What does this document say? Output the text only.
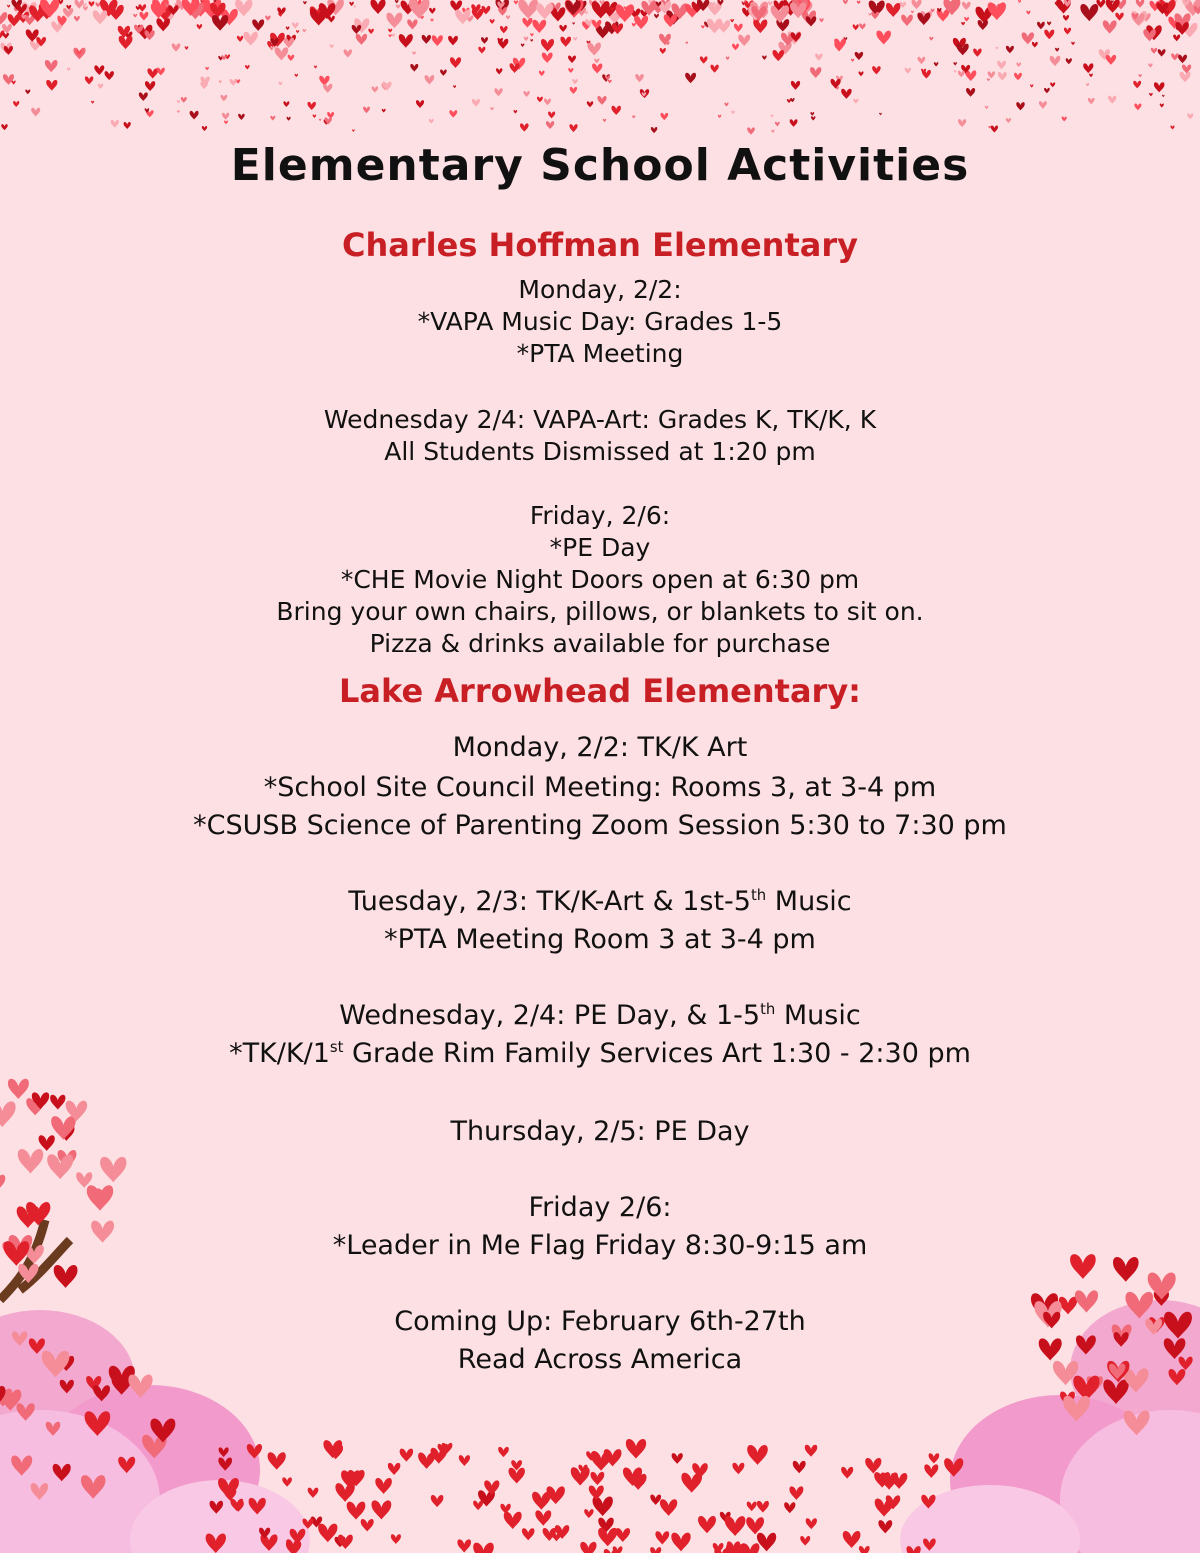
Elementary School Activities
Charles Hoffman Elementary

Monday, 2/2:

*VAPA Music Day: Grades 1-5

*PTA Meeting

Wednesday 2/4: VAPA-Art: Grades K, TK/K, K

All Students Dismissed at 1:20 pm

Friday, 2/6:

*PE Day

*CHE Movie Night Doors open at 6:30 pm

Bring your own chairs, pillows, or blankets to sit on.

Pizza & drinks available for purchase

Lake Arrowhead Elementary:

Monday, 2/2: TK/K Art

*School Site Council Meeting: Rooms 3, at 3-4 pm

*CSUSB Science of Parenting Zoom Session 5:30 to 7:30 pm

Tuesday, 2/3: TK/K-Art & 1st-5th Music

*PTA Meeting Room 3 at 3-4 pm

Wednesday, 2/4: PE Day, & 1-5th Music

*TK/K/1st Grade Rim Family Services Art 1:30 - 2:30 pm

Thursday, 2/5: PE Day

Friday 2/6:

*Leader in Me Flag Friday 8:30-9:15 am

Coming Up: February 6th-27th

Read Across America
